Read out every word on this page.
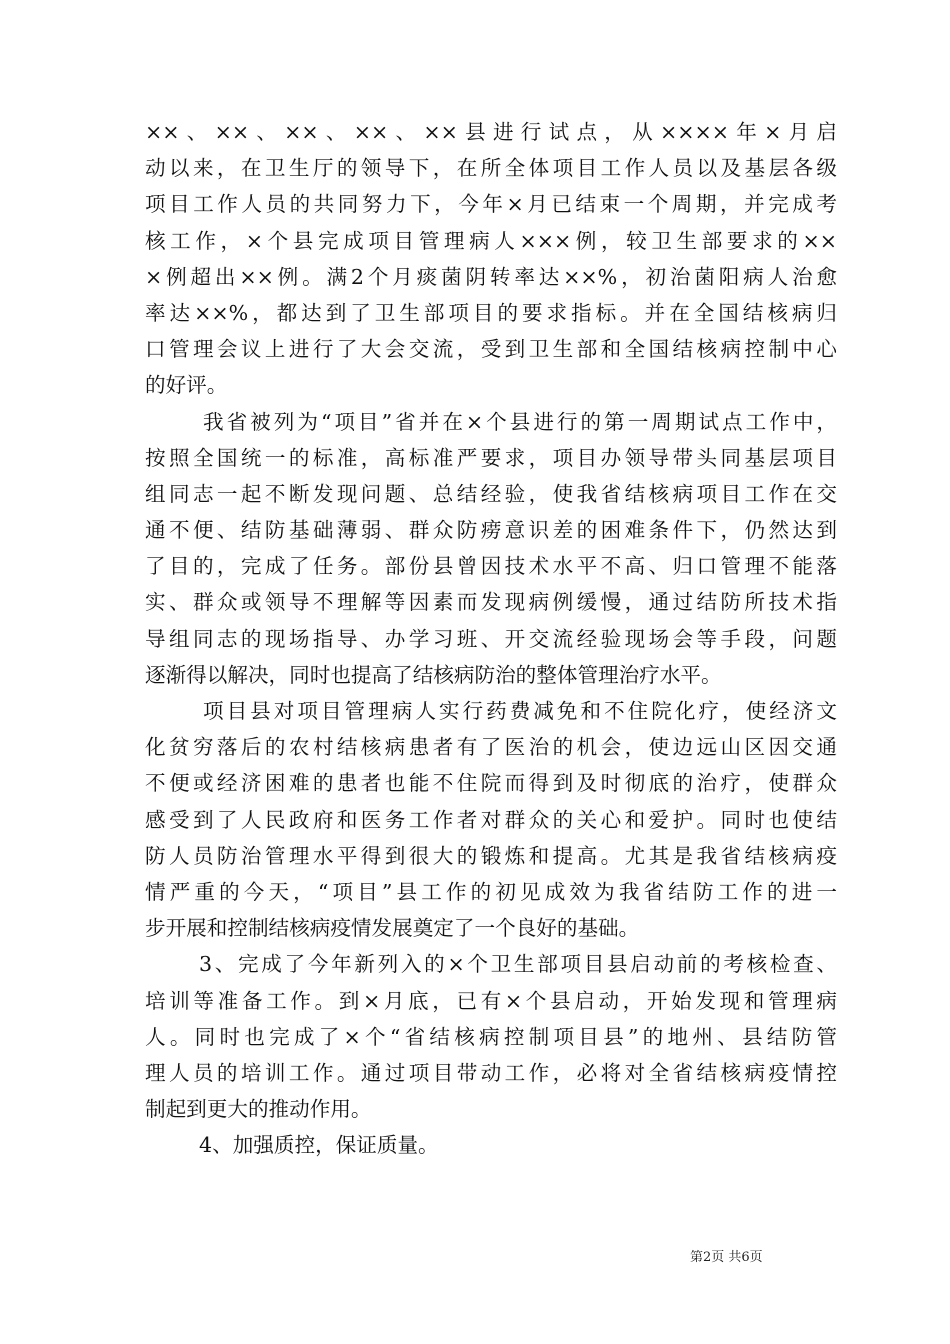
××、××、××、××、××县进行试点，从××××年×月启
动以来，在卫生厅的领导下，在所全体项目工作人员以及基层各级
项目工作人员的共同努力下，今年×月已结束一个周期，并完成考
核工作，×个县完成项目管理病人×××例，较卫生部要求的××
×例超出××例。满2个月痰菌阴转率达××%，初治菌阳病人治愈
率达××%，都达到了卫生部项目的要求指标。并在全国结核病归
口管理会议上进行了大会交流，受到卫生部和全国结核病控制中心
的好评。
我省被列为“项目”省并在×个县进行的第一周期试点工作中，
按照全国统一的标准，高标准严要求，项目办领导带头同基层项目
组同志一起不断发现问题、总结经验，使我省结核病项目工作在交
通不便、结防基础薄弱、群众防痨意识差的困难条件下，仍然达到
了目的，完成了任务。部份县曾因技术水平不高、归口管理不能落
实、群众或领导不理解等因素而发现病例缓慢，通过结防所技术指
导组同志的现场指导、办学习班、开交流经验现场会等手段，问题
逐渐得以解决，同时也提高了结核病防治的整体管理治疗水平。
项目县对项目管理病人实行药费减免和不住院化疗，使经济文
化贫穷落后的农村结核病患者有了医治的机会，使边远山区因交通
不便或经济困难的患者也能不住院而得到及时彻底的治疗，使群众
感受到了人民政府和医务工作者对群众的关心和爱护。同时也使结
防人员防治管理水平得到很大的锻炼和提高。尤其是我省结核病疫
情严重的今天，“项目”县工作的初见成效为我省结防工作的进一
步开展和控制结核病疫情发展奠定了一个良好的基础。
3、完成了今年新列入的×个卫生部项目县启动前的考核检查、
培训等准备工作。到×月底，已有×个县启动，开始发现和管理病
人。同时也完成了×个“省结核病控制项目县”的地州、县结防管
理人员的培训工作。通过项目带动工作，必将对全省结核病疫情控
制起到更大的推动作用。
4、加强质控，保证质量。
第2页 共6页
